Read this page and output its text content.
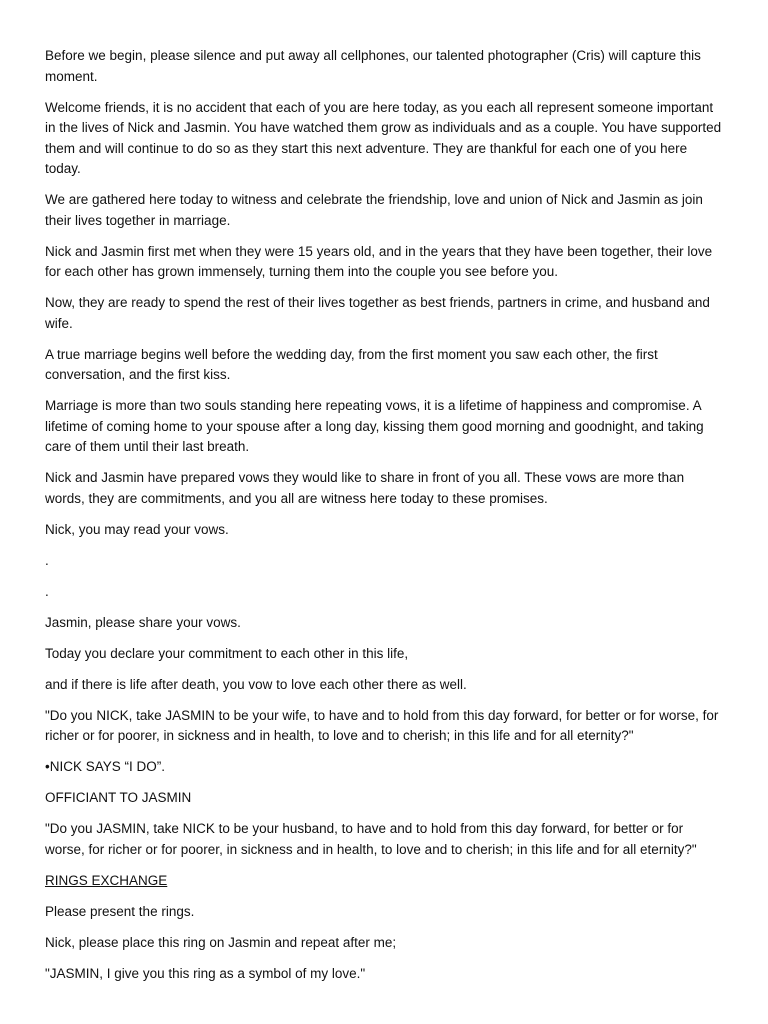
Before we begin, please silence and put away all cellphones, our talented photographer (Cris) will capture this moment.

Welcome friends, it is no accident that each of you are here today, as you each all represent someone important in the lives of Nick and Jasmin. You have watched them grow as individuals and as a couple. You have supported them and will continue to do so as they start this next adventure. They are thankful for each one of you here today.

We are gathered here today to witness and celebrate the friendship, love and union of Nick and Jasmin as join their lives together in marriage.

Nick and Jasmin first met when they were 15 years old, and in the years that they have been together, their love for each other has grown immensely, turning them into the couple you see before you.

Now, they are ready to spend the rest of their lives together as best friends, partners in crime, and husband and wife.

A true marriage begins well before the wedding day, from the first moment you saw each other, the first conversation, and the first kiss.

Marriage is more than two souls standing here repeating vows, it is a lifetime of happiness and compromise. A lifetime of coming home to your spouse after a long day, kissing them good morning and goodnight, and taking care of them until their last breath.

Nick and Jasmin have prepared vows they would like to share in front of you all. These vows are more than words, they are commitments, and you all are witness here today to these promises.

Nick, you may read your vows.

.

.

Jasmin, please share your vows.

Today you declare your commitment to each other in this life,

and if there is life after death, you vow to love each other there as well.

"Do you NICK, take JASMIN to be your wife, to have and to hold from this day forward, for better or for worse, for richer or for poorer, in sickness and in health, to love and to cherish; in this life and for all eternity?"

•NICK SAYS “I DO”.

OFFICIANT TO JASMIN

"Do you JASMIN, take NICK to be your husband, to have and to hold from this day forward, for better or for worse, for richer or for poorer, in sickness and in health, to love and to cherish; in this life and for all eternity?"

RINGS EXCHANGE

Please present the rings.

Nick, please place this ring on Jasmin and repeat after me;

"JASMIN, I give you this ring as a symbol of my love."
